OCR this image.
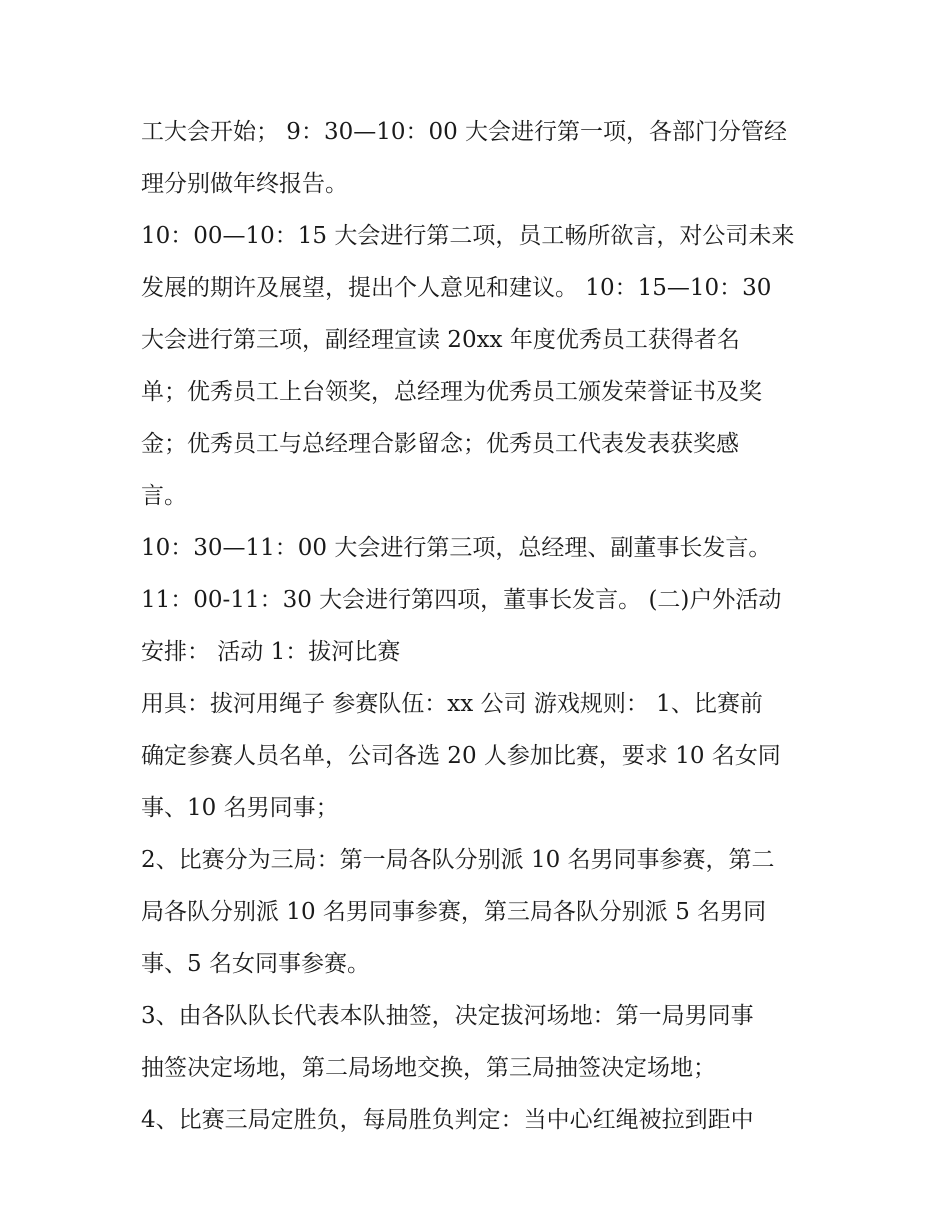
工大会开始； 9：30—10：00 大会进行第一项，各部门分管经
理分别做年终报告。
10：00—10：15 大会进行第二项，员工畅所欲言，对公司未来
发展的期许及展望，提出个人意见和建议。 10：15—10：30
大会进行第三项，副经理宣读 20xx 年度优秀员工获得者名
单；优秀员工上台领奖，总经理为优秀员工颁发荣誉证书及奖
金；优秀员工与总经理合影留念；优秀员工代表发表获奖感
言。
10：30—11：00 大会进行第三项，总经理、副董事长发言。
11：00-11：30 大会进行第四项，董事长发言。 (二)户外活动
安排： 活动 1：拔河比赛
用具：拔河用绳子 参赛队伍：xx 公司 游戏规则： 1、比赛前
确定参赛人员名单，公司各选 20 人参加比赛，要求 10 名女同
事、10 名男同事；
2、比赛分为三局：第一局各队分别派 10 名男同事参赛，第二
局各队分别派 10 名男同事参赛，第三局各队分别派 5 名男同
事、5 名女同事参赛。
3、由各队队长代表本队抽签，决定拔河场地：第一局男同事
抽签决定场地，第二局场地交换，第三局抽签决定场地；
4、比赛三局定胜负，每局胜负判定：当中心红绳被拉到距中
